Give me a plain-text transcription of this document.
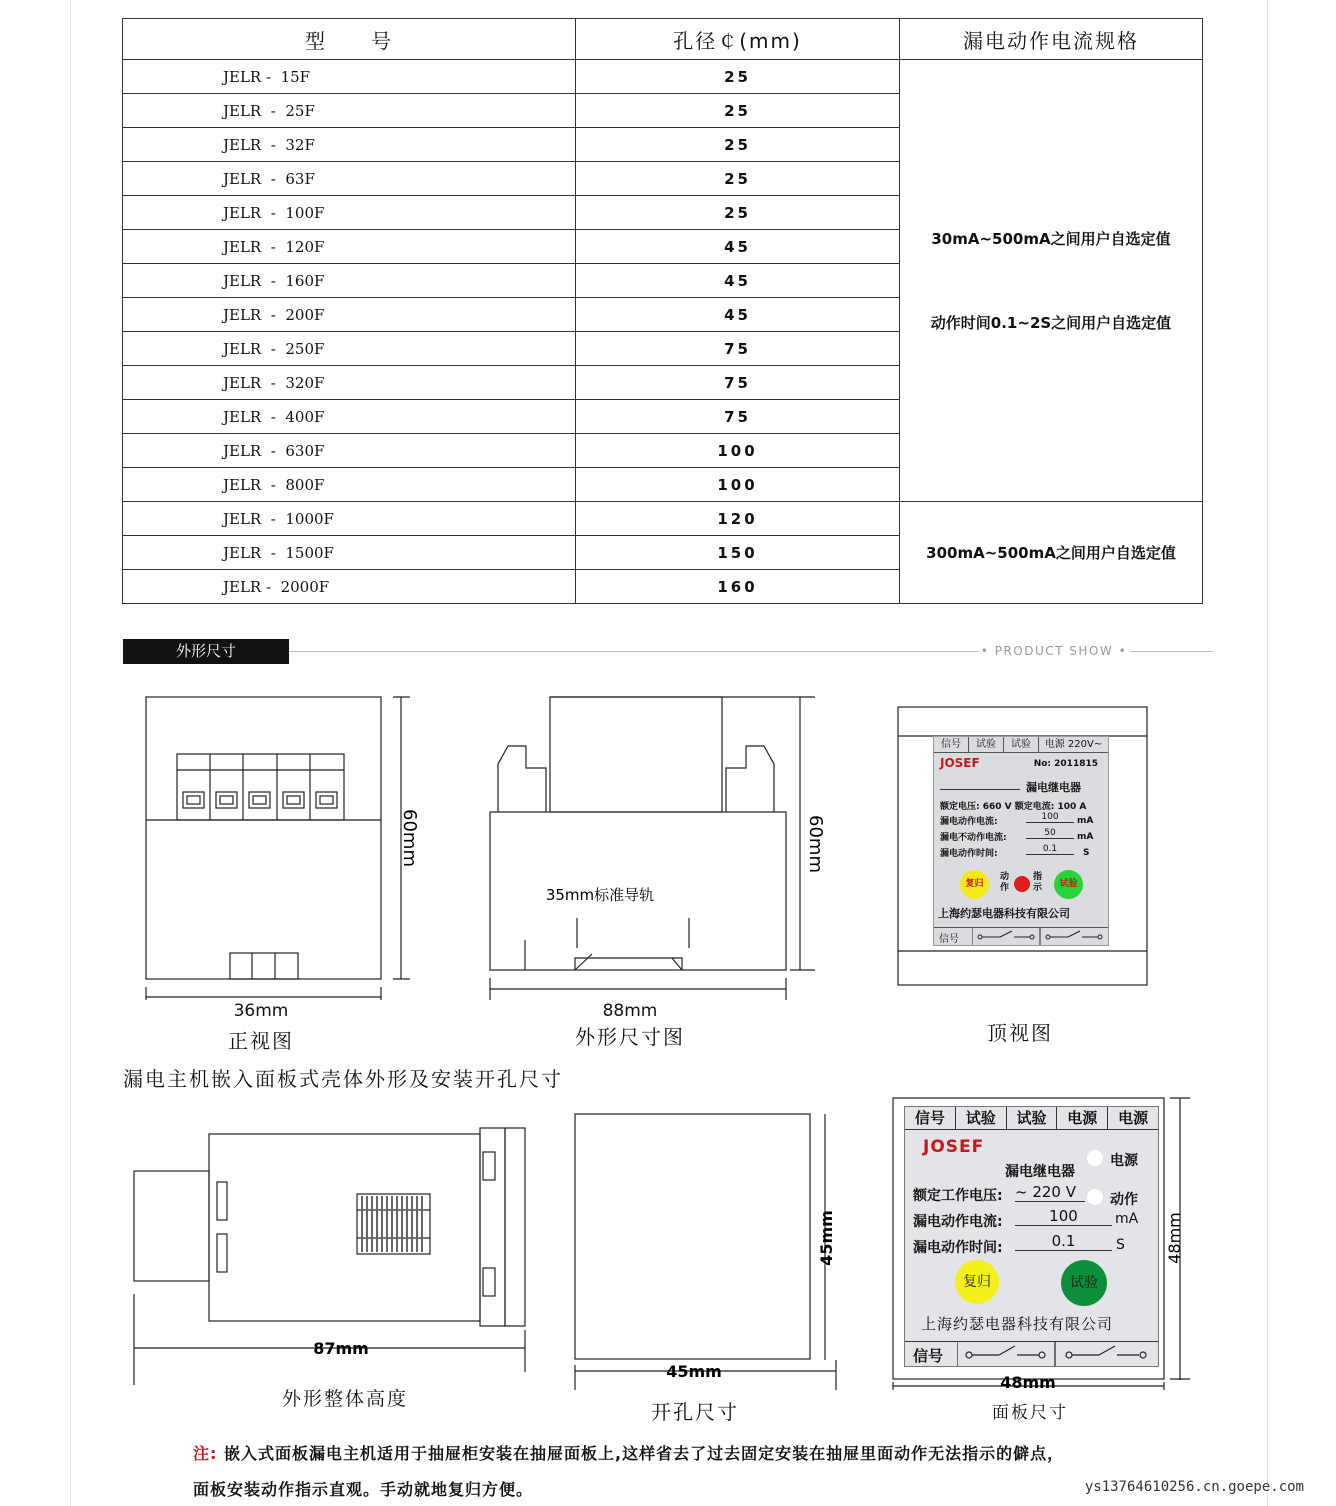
型　　号	孔径￠(mm)	漏电动作电流规格
JELR -  15F	25	30mA~500mA之间用户自选定值
动作时间0.1~2S之间用户自选定值

JELR  -  25F	25	
JELR  -  32F	25	
JELR  -  63F	25	
JELR  -  100F	25	
JELR  -  120F	45	
JELR  -  160F	45	
JELR  -  200F	45	
JELR  -  250F	75	
JELR  -  320F	75	
JELR  -  400F	75	
JELR  -  630F	100	
JELR  -  800F	100	
JELR  -  1000F	120	300mA~500mA之间用户自选定值
JELR  -  1500F	150	
JELR -  2000F	160	
外形尺寸	• PRODUCT SHOW •
60mm
35mm标准导轨
60mm
信号	试验	试验	电源 220V~
JOSEF	No: 2011815
漏电继电器
额定电压: 660 V 额定电流: 100 A
漏电动作电流:	100	mA
漏电不动作电流:	50	mA
漏电动作时间:	0.1	S
复归
动作
指示	试验
上海约瑟电器科技有限公司
信号
36mm
正视图
88mm
外形尺寸图	顶视图
漏电主机嵌入面板式壳体外形及安装开孔尺寸
87mm
45mm
45mm
48mm
48mm
信号	试验	试验	电源	电源
JOSEF
漏电继电器
电源
动作
额定工作电压: ~ 220 V
漏电动作电流:	100	mA
漏电动作时间:	0.1	S
复归	试验
上海约瑟电器科技有限公司
信号
外形整体高度
开孔尺寸	面板尺寸
注: 嵌入式面板漏电主机适用于抽屉柜安装在抽屉面板上,这样省去了过去固定安装在抽屉里面动作无法指示的僻点，
面板安装动作指示直观。手动就地复归方便。	ys13764610256.cn.goepe.com
